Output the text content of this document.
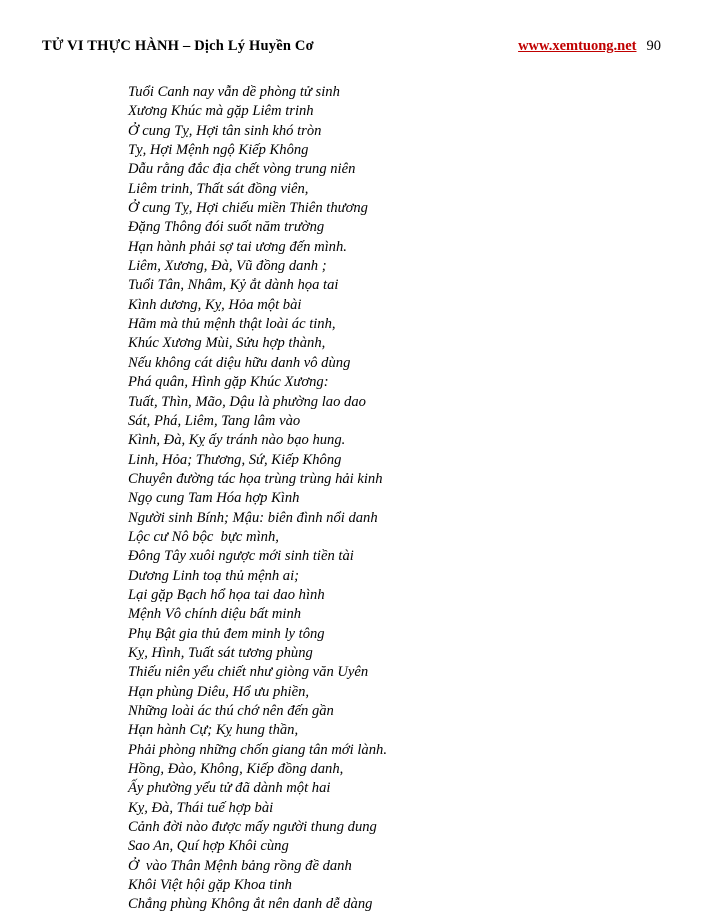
TỬ VI THỰC HÀNH – Dịch Lý Huyền Cơ	www.xemtuong.net 90
Tuổi Canh nay vẫn dề phòng tử sinh
Xương Khúc mà gặp Liêm trinh
Ở cung Tỵ, Hợi tân sinh khó tròn
Tỵ, Hợi Mệnh ngộ Kiếp Không
Dẫu rằng đắc địa chết vòng trung niên
Liêm trinh, Thất sát đồng viên,
Ở cung Tỵ, Hợi chiếu miền Thiên thương
Đặng Thông đói suốt năm trường
Hạn hành phải sợ tai ương đến mình.
Liêm, Xương, Đà, Vũ đồng danh ;
Tuổi Tân, Nhâm, Kỷ ắt dành họa tai
Kình dương, Kỵ, Hỏa một bài
Hãm mà thủ mệnh thật loài ác tinh,
Khúc Xương Mùi, Sửu hợp thành,
Nếu không cát diệu hữu danh vô dùng
Phá quân, Hình gặp Khúc Xương:
Tuất, Thìn, Mão, Dậu là phường lao dao
Sát, Phá, Liêm, Tang lâm vào
Kình, Đà, Kỵ ấy tránh nào bạo hung.
Linh, Hỏa; Thương, Sứ, Kiếp Không
Chuyên đường tác họa trùng trùng hải kinh
Ngọ cung Tam Hóa hợp Kình
Người sinh Bính; Mậu: biên đình nổi danh
Lộc cư Nô bộc  bực mình,
Đông Tây xuôi ngược mới sinh tiền tài
Dương Linh toạ thủ mệnh ai;
Lại gặp Bạch hổ họa tai dao hình
Mệnh Vô chính diệu bất minh
Phụ Bật gia thủ đem minh ly tông
Kỵ, Hình, Tuất sát tương phùng
Thiếu niên yểu chiết như giòng văn Uyên
Hạn phùng Diêu, Hổ ưu phiền,
Những loài ác thú chớ nên đến gần
Hạn hành Cự; Kỵ hung thần,
Phải phòng những chốn giang tân mới lành.
Hồng, Đào, Không, Kiếp đồng danh,
Ấy phường yểu tử đã dành một hai
Kỵ, Đà, Thái tuế hợp bài
Cảnh đời nào được mấy người thung dung
Sao An, Quí hợp Khôi cùng
Ở  vào Thân Mệnh bảng rồng đề danh
Khôi Việt hội gặp Khoa tinh
Chẳng phùng Không ắt nên danh dễ dàng
